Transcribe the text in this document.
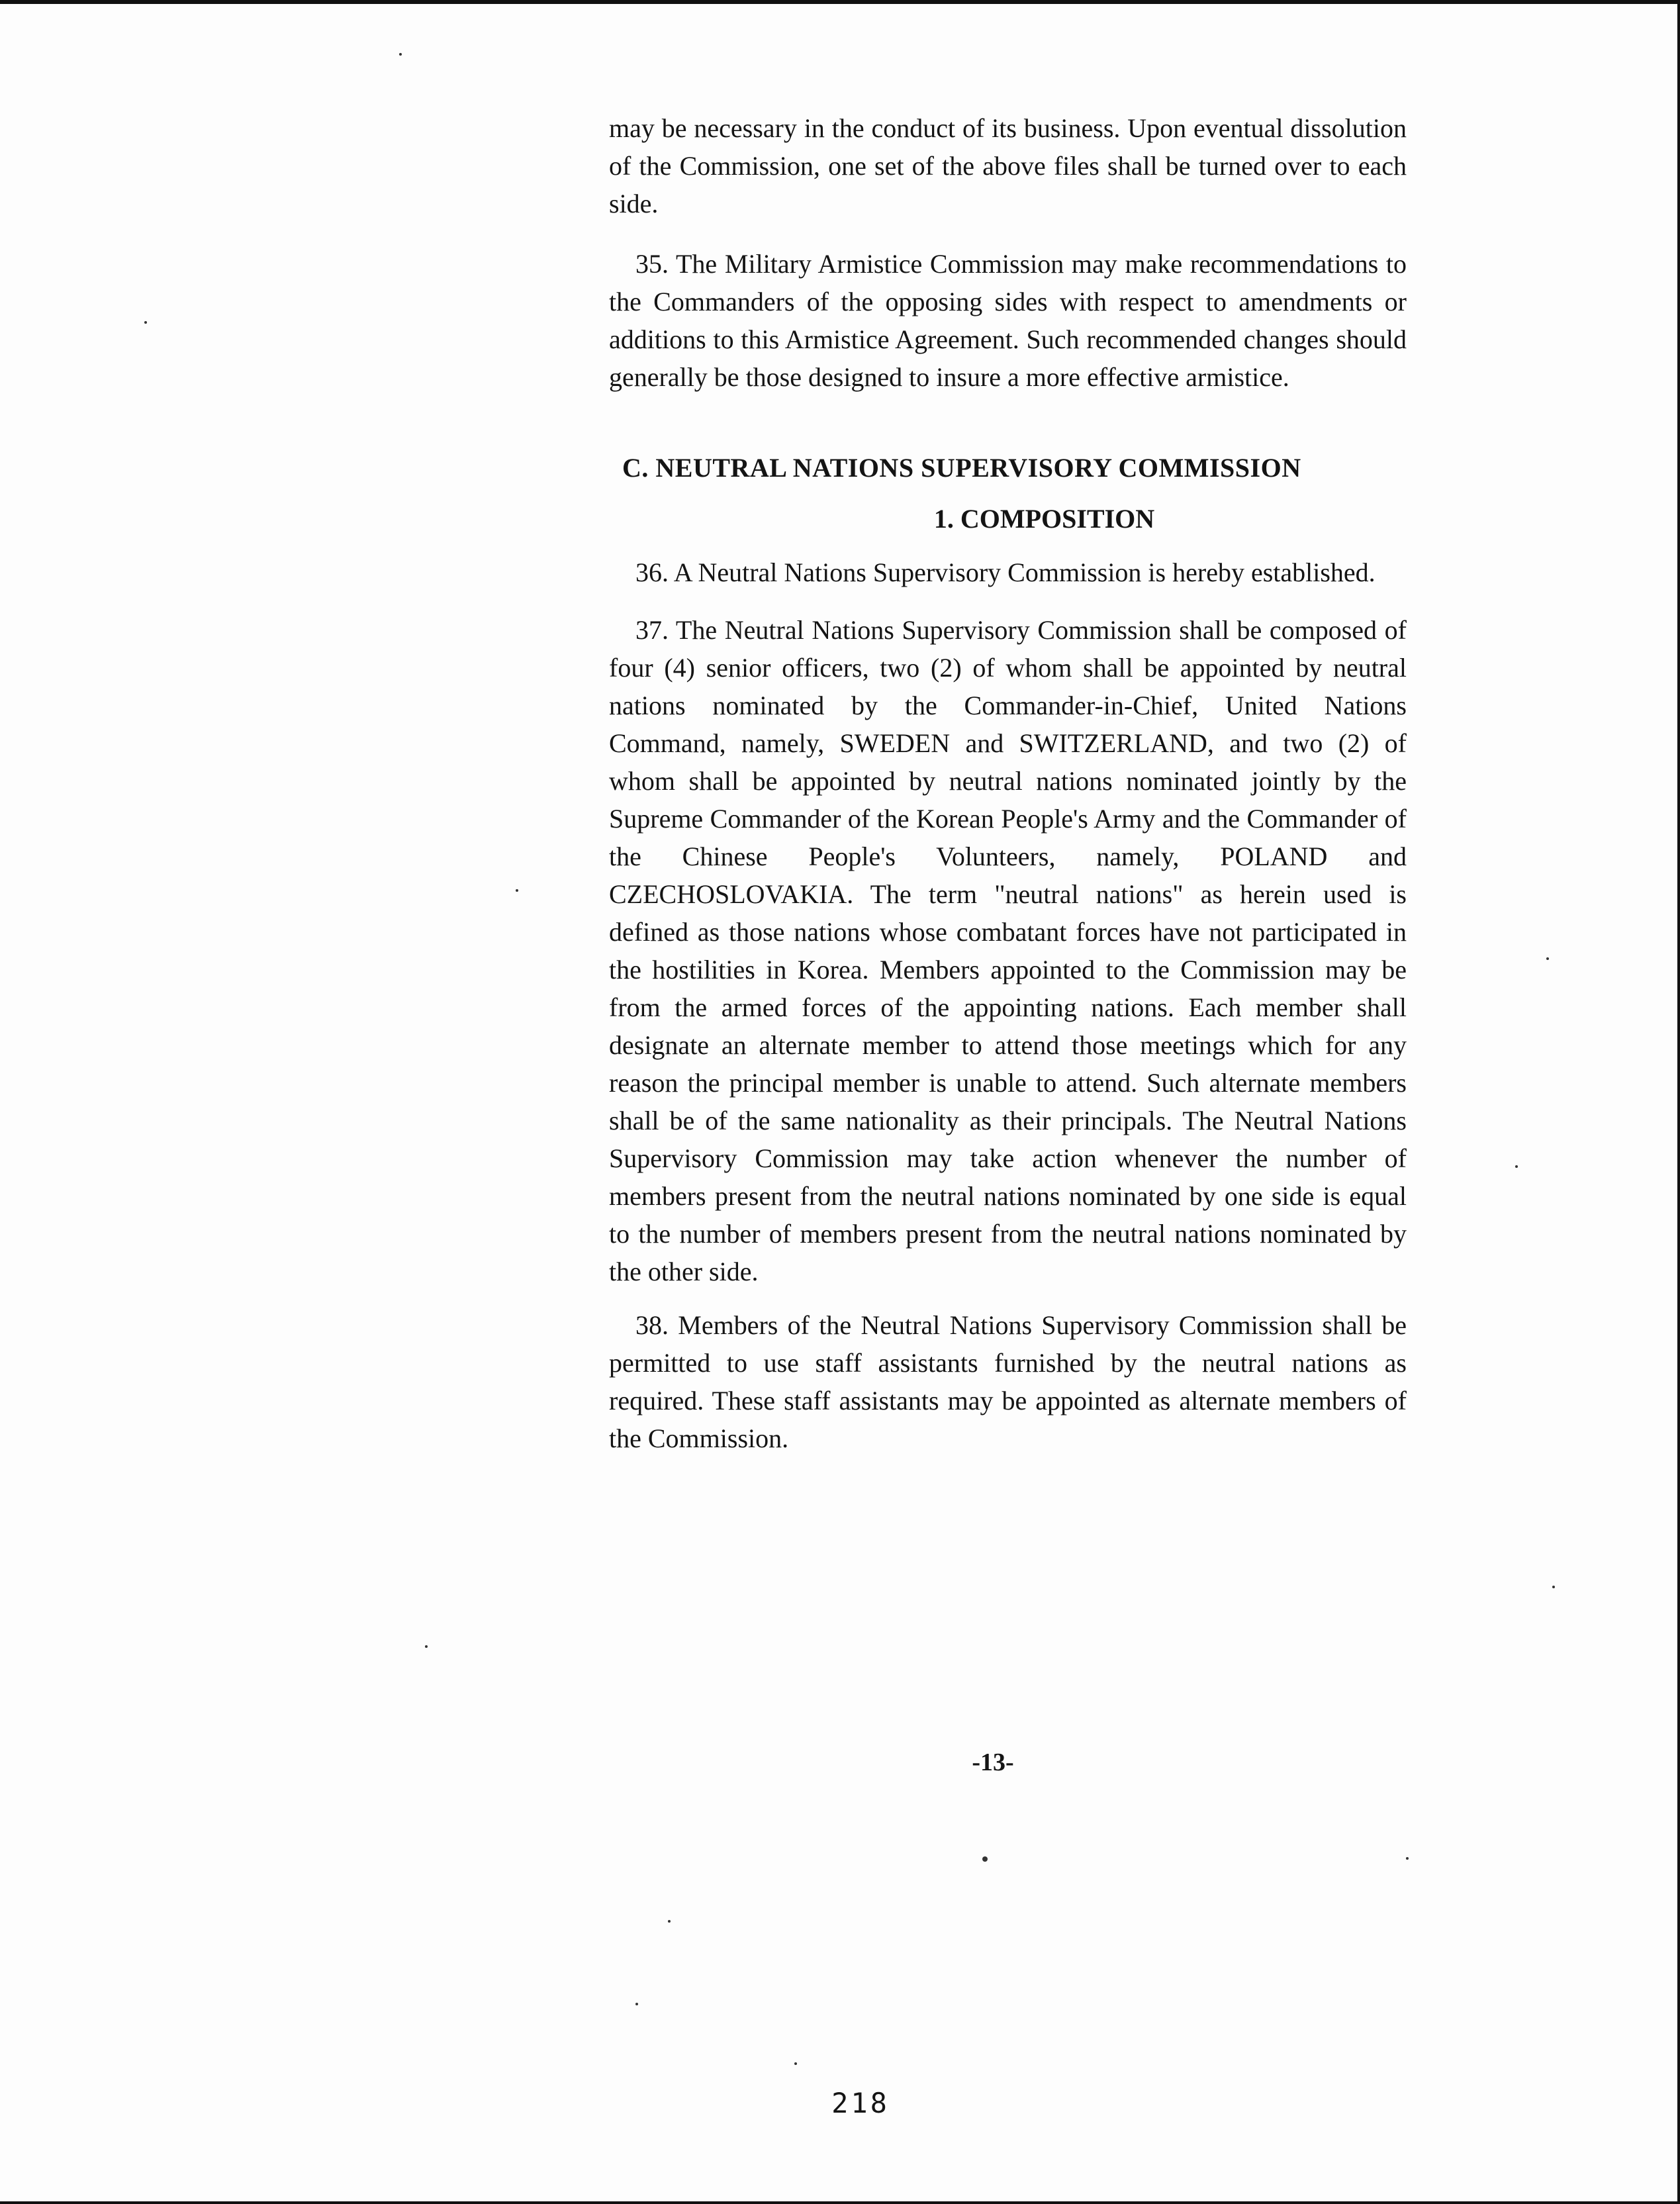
may be necessary in the conduct of its business. Upon eventual dissolution of the Commission, one set of the above files shall be turned over to each side.

35. The Military Armistice Commission may make recommendations to the Commanders of the opposing sides with respect to amendments or additions to this Armistice Agreement. Such recommended changes should generally be those designed to insure a more effective armistice.

C. NEUTRAL NATIONS SUPERVISORY COMMISSION
1. COMPOSITION

36. A Neutral Nations Supervisory Commission is hereby established.

37. The Neutral Nations Supervisory Commission shall be composed of four (4) senior officers, two (2) of whom shall be appointed by neutral nations nominated by the Commander-in-Chief, United Nations Command, namely, SWEDEN and SWITZERLAND, and two (2) of whom shall be appointed by neutral nations nominated jointly by the Supreme Commander of the Korean People's Army and the Commander of the Chinese People's Volunteers, namely, POLAND and CZECHOSLOVAKIA. The term "neutral nations" as herein used is defined as those nations whose combatant forces have not participated in the hostilities in Korea. Members appointed to the Commission may be from the armed forces of the appointing nations. Each member shall designate an alternate member to attend those meetings which for any reason the principal member is unable to attend. Such alternate members shall be of the same nationality as their principals. The Neutral Nations Supervisory Commission may take action whenever the number of members present from the neutral nations nominated by one side is equal to the number of members present from the neutral nations nominated by the other side.

38. Members of the Neutral Nations Supervisory Commission shall be permitted to use staff assistants furnished by the neutral nations as required. These staff assistants may be appointed as alternate members of the Commission.

-13-
218
